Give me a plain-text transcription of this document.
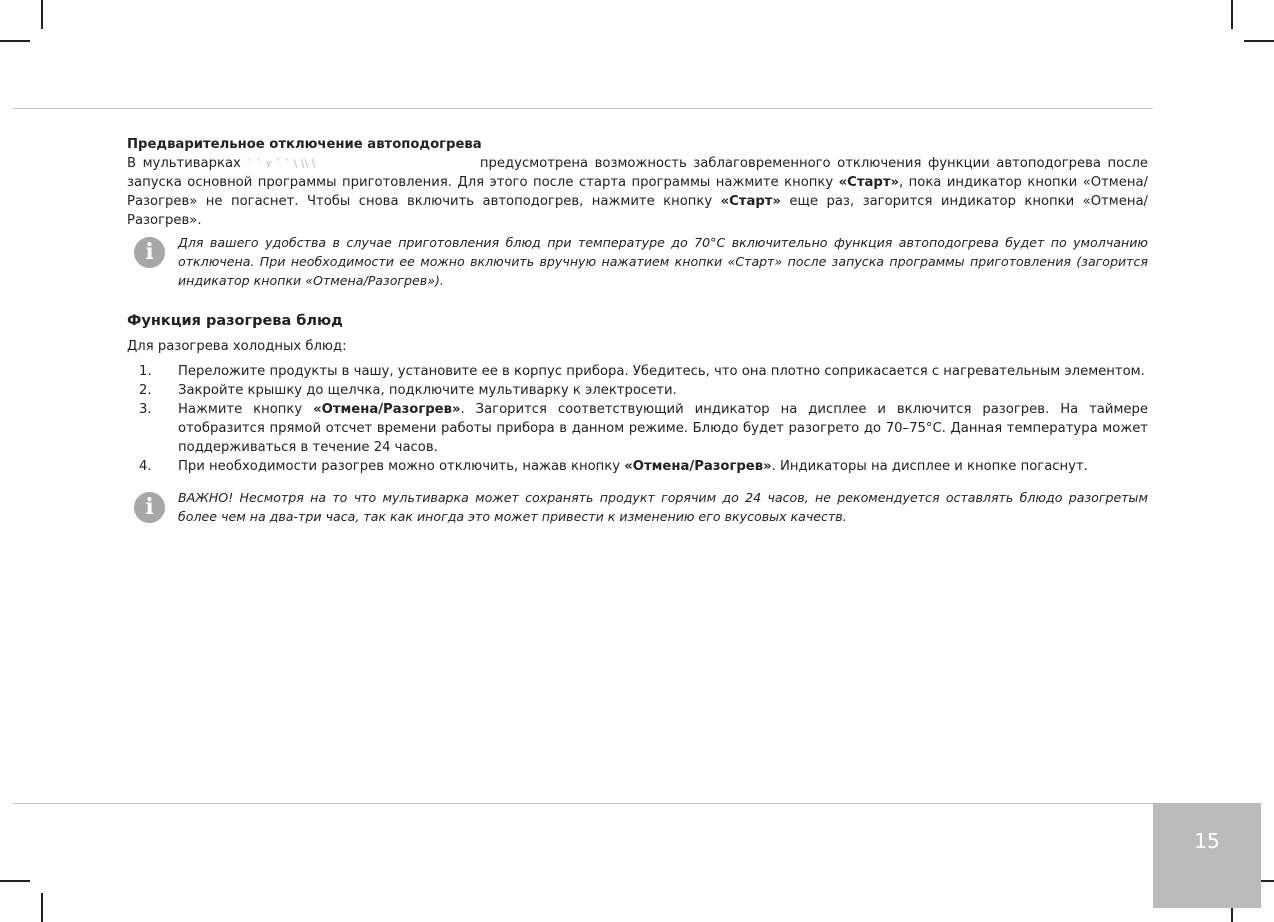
Предварительное отключение автоподогрева
В мультиварках ` ˋ ʏ ˋ ˋ \ \\ \	предусмотрена возможность заблаговременного отключения функции автоподогрева после запуска основной программы приготовления. Для этого после старта программы нажмите кнопку «Старт», пока индикатор кнопки «Отмена/Разогрев» не погаснет. Чтобы снова включить автоподогрев, нажмите кнопку «Старт» еще раз, загорится индикатор кнопки «Отмена/Разогрев».
i	Для вашего удобства в случае приготовления блюд при температуре до 70°С включительно функция автоподогрева будет по умолчанию отключена. При необходимости ее можно включить вручную нажатием кнопки «Старт» после запуска программы приготовления (загорится индикатор кнопки «Отмена/Разогрев»).
Функция разогрева блюд
Для разогрева холодных блюд:
1. Переложите продукты в чашу, установите ее в корпус прибора. Убедитесь, что она плотно соприкасается с нагревательным элементом.
2. Закройте крышку до щелчка, подключите мультиварку к электросети.
3. Нажмите кнопку «Отмена/Разогрев». Загорится соответствующий индикатор на дисплее и включится разогрев. На таймере отобразится прямой отсчет времени работы прибора в данном режиме. Блюдо будет разогрето до 70–75°С. Данная температура может поддерживаться в течение 24 часов.
4. При необходимости разогрев можно отключить, нажав кнопку «Отмена/Разогрев». Индикаторы на дисплее и кнопке погаснут.
i	ВАЖНО! Несмотря на то что мультиварка может сохранять продукт горячим до 24 часов, не рекомендуется оставлять блюдо разогретым более чем на два-три часа, так как иногда это может привести к изменению его вкусовых качеств.
15
